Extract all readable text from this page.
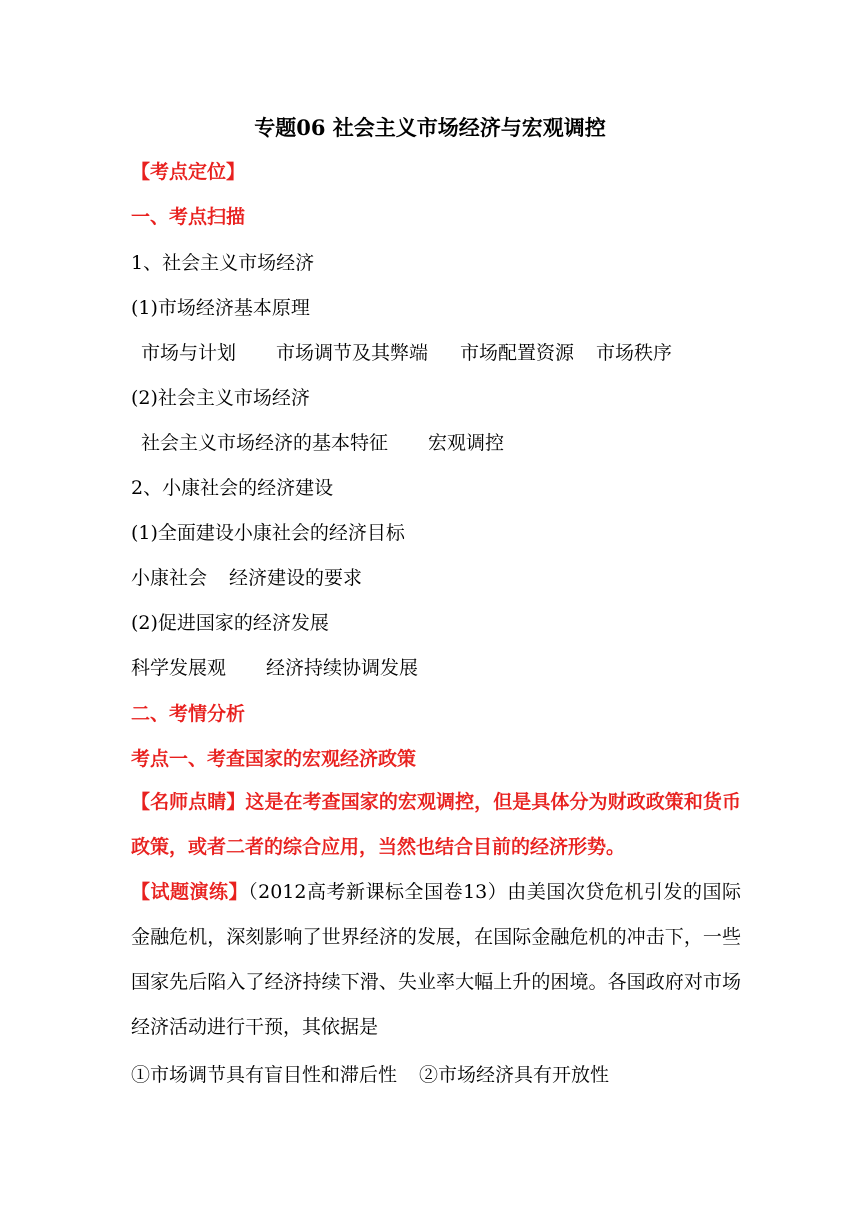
专题06 社会主义市场经济与宏观调控
【考点定位】
一、考点扫描
1、社会主义市场经济
(1)市场经济基本原理
市场与计划 市场调节及其弊端 市场配置资源 市场秩序
(2)社会主义市场经济
社会主义市场经济的基本特征 宏观调控
2、小康社会的经济建设
(1)全面建设小康社会的经济目标
小康社会 经济建设的要求
(2)促进国家的经济发展
科学发展观 经济持续协调发展
二、考情分析
考点一、考查国家的宏观经济政策
【名师点睛】这是在考查国家的宏观调控，但是具体分为财政政策和货币政策，或者二者的综合应用，当然也结合目前的经济形势。
【试题演练】（2012高考新课标全国卷13）由美国次贷危机引发的国际金融危机，深刻影响了世界经济的发展，在国际金融危机的冲击下，一些国家先后陷入了经济持续下滑、失业率大幅上升的困境。各国政府对市场经济活动进行干预，其依据是
①市场调节具有盲目性和滞后性 ②市场经济具有开放性
